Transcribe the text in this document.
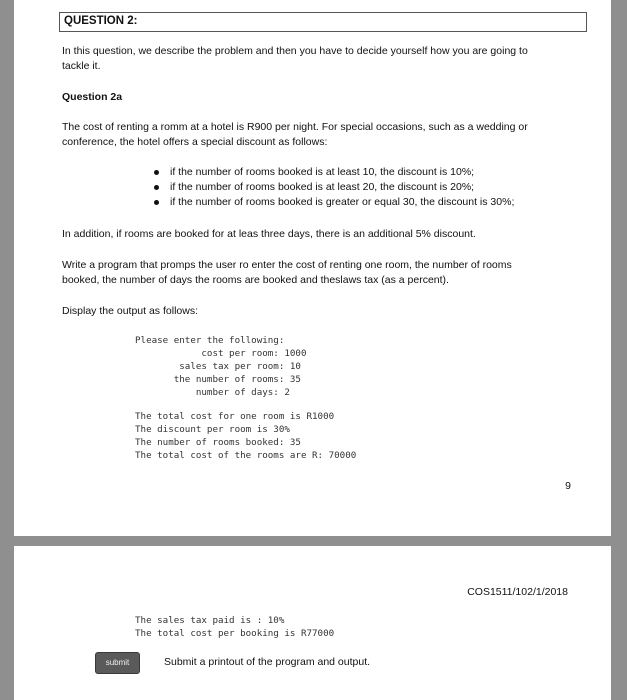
QUESTION 2:
In this question, we describe the problem and then you have to decide yourself how you are going to
tackle it.
Question 2a
The cost of renting a romm at a hotel is R900 per night. For special occasions, such as a wedding or
conference, the hotel offers a special discount as follows:
if the number of rooms booked is at least 10, the discount is 10%;
if the number of rooms booked is at least 20, the discount is 20%;
if the number of rooms booked is greater or equal 30, the discount is 30%;
In addition, if rooms are booked for at leas three days, there is an additional 5% discount.
Write a program that promps the user ro enter the cost of renting one room, the number of rooms
booked, the number of days the rooms are booked and theslaws tax (as a percent).
Display the output as follows:
Please enter the following:
cost per room: 1000
sales tax per room: 10
the number of rooms: 35
number of days: 2
The total cost for one room is R1000
The discount per room is 30%
The number of rooms booked: 35
The total cost of the rooms are R: 70000
9
COS1511/102/1/2018
The sales tax paid is : 10%
The total cost per booking is R77000
submit	Submit a printout of the program and output.
